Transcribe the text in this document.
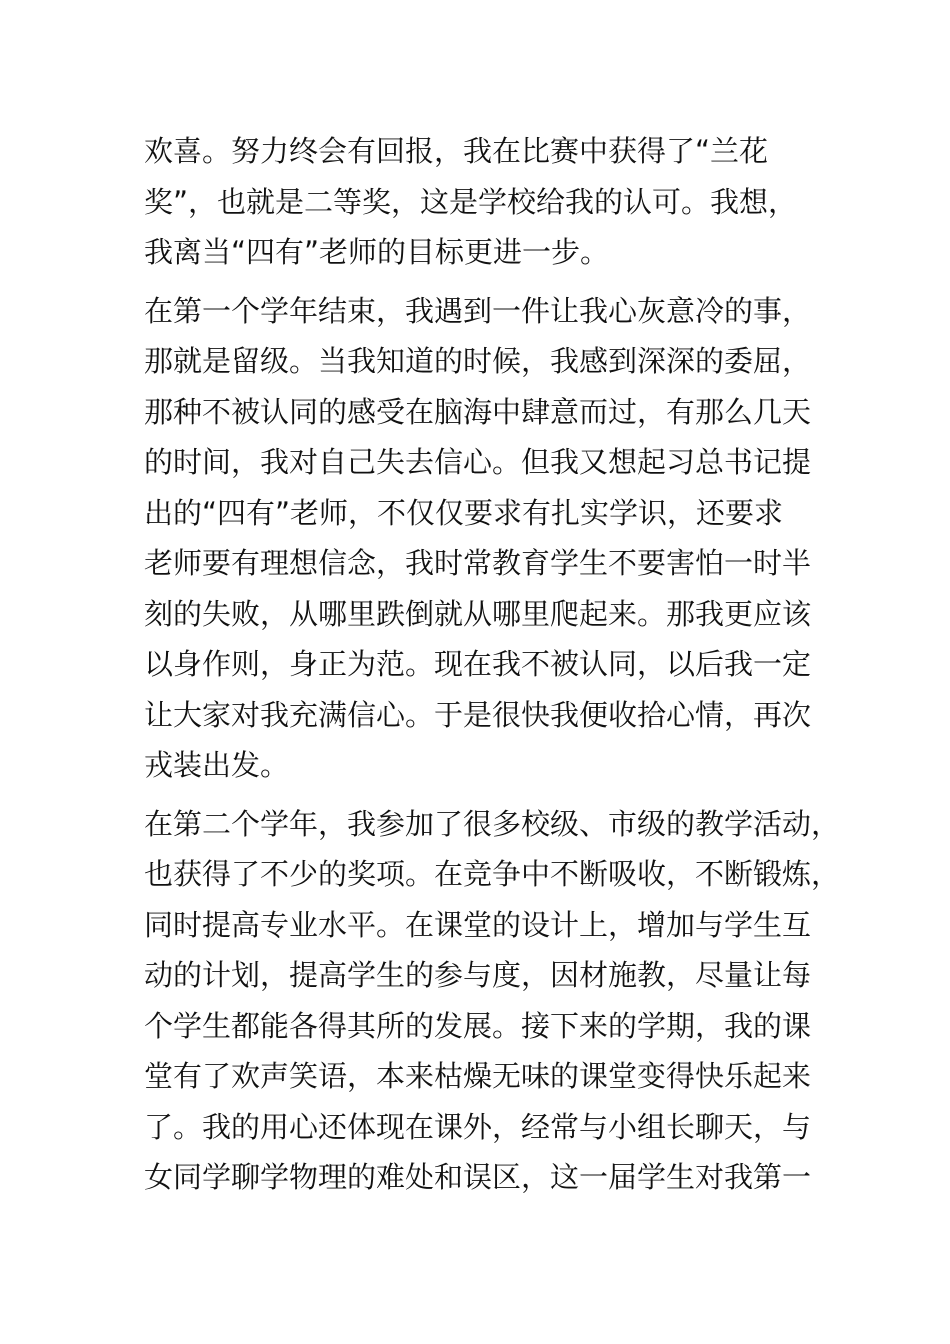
欢喜。努力终会有回报，我在比赛中获得了“兰花
奖”，也就是二等奖，这是学校给我的认可。我想，
我离当“四有”老师的目标更进一步。
在第一个学年结束，我遇到一件让我心灰意冷的事，
那就是留级。当我知道的时候，我感到深深的委屈，
那种不被认同的感受在脑海中肆意而过，有那么几天
的时间，我对自己失去信心。但我又想起习总书记提
出的“四有”老师，不仅仅要求有扎实学识，还要求
老师要有理想信念，我时常教育学生不要害怕一时半
刻的失败，从哪里跌倒就从哪里爬起来。那我更应该
以身作则，身正为范。现在我不被认同，以后我一定
让大家对我充满信心。于是很快我便收拾心情，再次
戎装出发。
在第二个学年，我参加了很多校级、市级的教学活动，
也获得了不少的奖项。在竞争中不断吸收，不断锻炼，
同时提高专业水平。在课堂的设计上，增加与学生互
动的计划，提高学生的参与度，因材施教，尽量让每
个学生都能各得其所的发展。接下来的学期，我的课
堂有了欢声笑语，本来枯燥无味的课堂变得快乐起来
了。我的用心还体现在课外，经常与小组长聊天，与
女同学聊学物理的难处和误区，这一届学生对我第一
